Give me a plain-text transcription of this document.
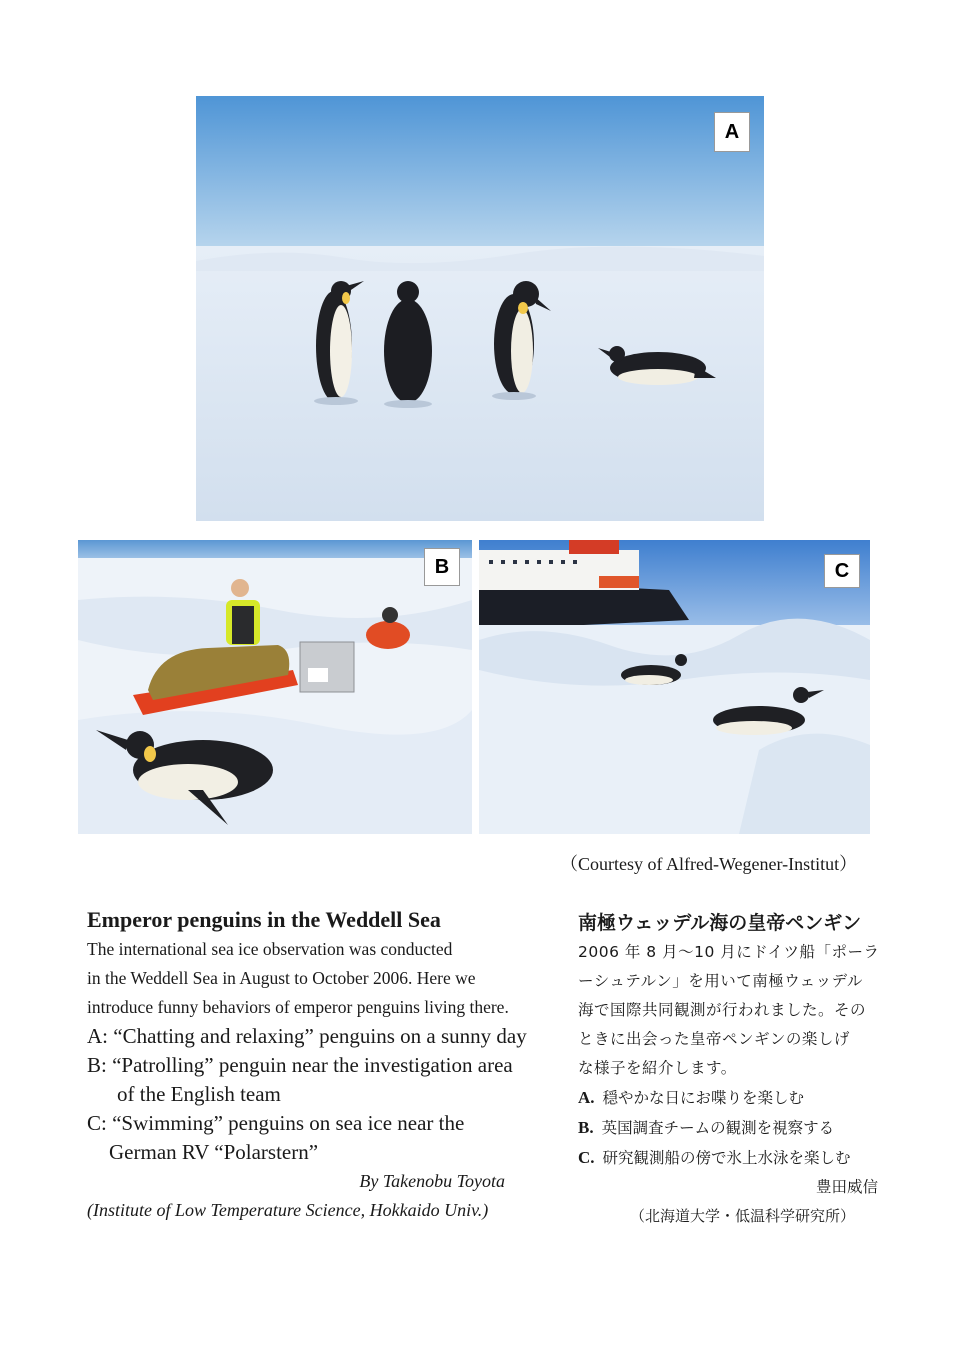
A
B	C
（Courtesy of Alfred-Wegener-Institut）

Emperor penguins in the Weddell Sea

The international sea ice observation was conducted

in the Weddell Sea in August to October 2006. Here we

introduce funny behaviors of emperor penguins living there.

A: “Chatting and relaxing” penguins on a sunny day

B: “Patrolling” penguin near the investigation area
of the English team

C: “Swimming” penguins on sea ice near the
German RV “Polarstern”

By Takenobu Toyota

(Institute of Low Temperature Science, Hokkaido Univ.)

南極ウェッデル海の皇帝ペンギン

2006 年 8 月～10 月にドイツ船「ポーラ

ーシュテルン」を用いて南極ウェッデル

海で国際共同観測が行われました。その

ときに出会った皇帝ペンギンの楽しげ

な様子を紹介します。

A. 穏やかな日にお喋りを楽しむ

B. 英国調査チームの観測を視察する

C. 研究観測船の傍で氷上水泳を楽しむ

豊田威信

（北海道大学・低温科学研究所）
